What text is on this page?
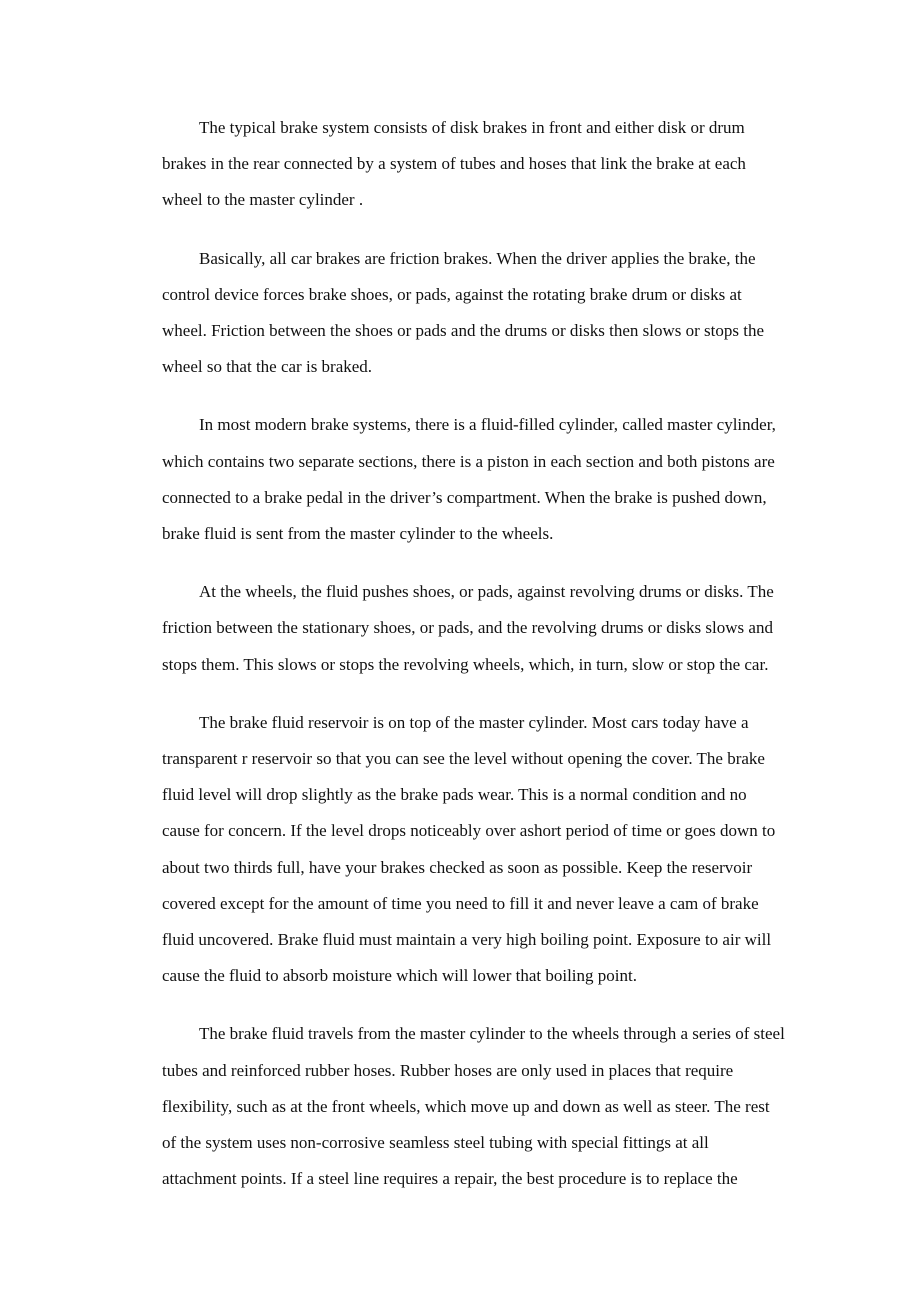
The typical brake system consists of disk brakes in front and either disk or drum
brakes in the rear connected by a system of tubes and hoses that link the brake at each
wheel to the master cylinder .
Basically, all car brakes are friction brakes. When the driver applies the brake, the
control device forces brake shoes, or pads, against the rotating brake drum or disks at
wheel. Friction between the shoes or pads and the drums or disks then slows or stops the
wheel so that the car is braked.
In most modern brake systems, there is a fluid-filled cylinder, called master cylinder,
which contains two separate sections, there is a piston in each section and both pistons are
connected to a brake pedal in the driver’s compartment. When the brake is pushed down,
brake fluid is sent from the master cylinder to the wheels.
At the wheels, the fluid pushes shoes, or pads, against revolving drums or disks. The
friction between the stationary shoes, or pads, and the revolving drums or disks slows and
stops them. This slows or stops the revolving wheels, which, in turn, slow or stop the car.
The brake fluid reservoir is on top of the master cylinder. Most cars today have a
transparent r reservoir so that you can see the level without opening the cover. The brake
fluid level will drop slightly as the brake pads wear. This is a normal condition and no
cause for concern. If the level drops noticeably over ashort period of time or goes down to
about two thirds full, have your brakes checked as soon as possible. Keep the reservoir
covered except for the amount of time you need to fill it and never leave a cam of brake
fluid uncovered. Brake fluid must maintain a very high boiling point. Exposure to air will
cause the fluid to absorb moisture which will lower that boiling point.
The brake fluid travels from the master cylinder to the wheels through a series of steel
tubes and reinforced rubber hoses. Rubber hoses are only used in places that require
flexibility, such as at the front wheels, which move up and down as well as steer. The rest
of the system uses non-corrosive seamless steel tubing with special fittings at all
attachment points. If a steel line requires a repair, the best procedure is to replace the
